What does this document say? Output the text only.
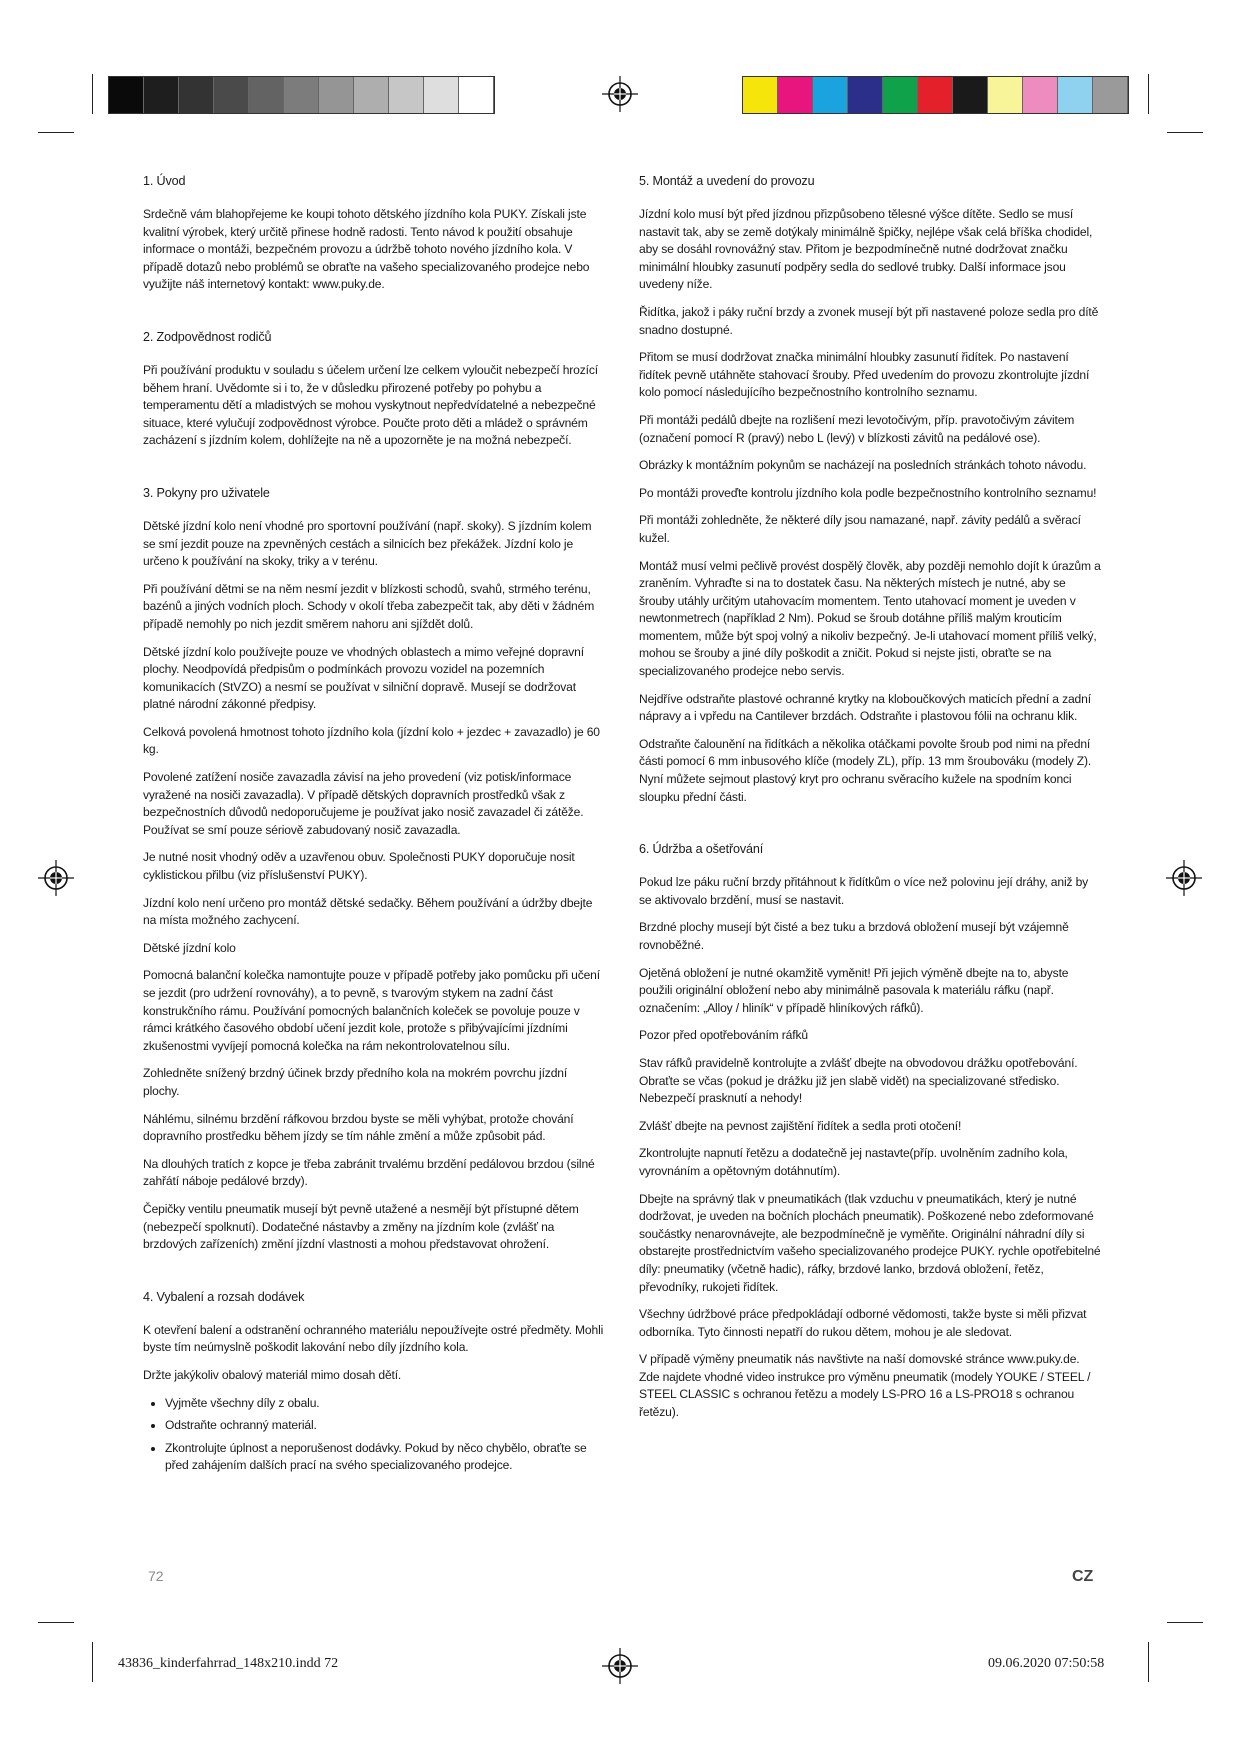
1. Úvod

Srdečně vám blahopřejeme ke koupi tohoto dětského jízdního kola PUKY. Získali jste kvalitní výrobek, který určitě přinese hodně radosti. Tento návod k použití obsahuje informace o montáži, bezpečném provozu a údržbě tohoto nového jízdního kola. V případě dotazů nebo problémů se obraťte na vašeho specializovaného prodejce nebo využijte náš internetový kontakt: www.puky.de.

2. Zodpovědnost rodičů

Při používání produktu v souladu s účelem určení lze celkem vyloučit nebezpečí hrozící během hraní. Uvědomte si i to, že v důsledku přirozené potřeby po pohybu a temperamentu dětí a mladistvých se mohou vyskytnout nepředvídatelné a nebezpečné situace, které vylučují zodpovědnost výrobce. Poučte proto děti a mládež o správném zacházení s jízdním kolem, dohlížejte na ně a upozorněte je na možná nebezpečí.

3. Pokyny pro uživatele

Dětské jízdní kolo není vhodné pro sportovní používání (např. skoky). S jízdním kolem se smí jezdit pouze na zpevněných cestách a silnicích bez překážek. Jízdní kolo je určeno k používání na skoky, triky a v terénu.

Při používání dětmi se na něm nesmí jezdit v blízkosti schodů, svahů, strmého terénu, bazénů a jiných vodních ploch. Schody v okolí třeba zabezpečit tak, aby děti v žádném případě nemohly po nich jezdit směrem nahoru ani sjíždět dolů.

Dětské jízdní kolo používejte pouze ve vhodných oblastech a mimo veřejné dopravní plochy. Neodpovídá předpisům o podmínkách provozu vozidel na pozemních komunikacích (StVZO) a nesmí se používat v silniční dopravě. Musejí se dodržovat platné národní zákonné předpisy.

Celková povolená hmotnost tohoto jízdního kola (jízdní kolo + jezdec + zavazadlo) je 60 kg.

Povolené zatížení nosiče zavazadla závisí na jeho provedení (viz potisk/informace vyražené na nosiči zavazadla). V případě dětských dopravních prostředků však z bezpečnostních důvodů nedoporučujeme je používat jako nosič zavazadel či zátěže. Používat se smí pouze sériově zabudovaný nosič zavazadla.

Je nutné nosit vhodný oděv a uzavřenou obuv. Společnosti PUKY doporučuje nosit cyklistickou přilbu (viz příslušenství PUKY).

Jízdní kolo není určeno pro montáž dětské sedačky. Během používání a údržby dbejte na místa možného zachycení.

Dětské jízdní kolo

Pomocná balanční kolečka namontujte pouze v případě potřeby jako pomůcku při učení se jezdit (pro udržení rovnováhy), a to pevně, s tvarovým stykem na zadní část konstrukčního rámu. Používání pomocných balančních koleček se povoluje pouze v rámci krátkého časového období učení jezdit kole, protože s přibývajícími jízdními zkušenostmi vyvíjejí pomocná kolečka na rám nekontrolovatelnou sílu.

Zohledněte snížený brzdný účinek brzdy předního kola na mokrém povrchu jízdní plochy.

Náhlému, silnému brzdění ráfkovou brzdou byste se měli vyhýbat, protože chování dopravního prostředku během jízdy se tím náhle změní a může způsobit pád.

Na dlouhých tratích z kopce je třeba zabránit trvalému brzdění pedálovou brzdou (silné zahřátí náboje pedálové brzdy).

Čepičky ventilu pneumatik musejí být pevně utažené a nesmějí být přístupné dětem (nebezpečí spolknutí). Dodatečné nástavby a změny na jízdním kole (zvlášť na brzdových zařízeních) změní jízdní vlastnosti a mohou představovat ohrožení.

4. Vybalení a rozsah dodávek

K otevření balení a odstranění ochranného materiálu nepoužívejte ostré předměty. Mohli byste tím neúmyslně poškodit lakování nebo díly jízdního kola.

Držte jakýkoliv obalový materiál mimo dosah dětí.

• Vyjměte všechny díly z obalu.
• Odstraňte ochranný materiál.
• Zkontrolujte úplnost a neporušenost dodávky. Pokud by něco chybělo, obraťte se před zahájením dalších prací na svého specializovaného prodejce.
5. Montáž a uvedení do provozu

Jízdní kolo musí být před jízdnou přizpůsobeno tělesné výšce dítěte. Sedlo se musí nastavit tak, aby se země dotýkaly minimálně špičky, nejlépe však celá bříška chodidel, aby se dosáhl rovnovážný stav. Přitom je bezpodmínečně nutné dodržovat značku minimální hloubky zasunutí podpěry sedla do sedlové trubky. Další informace jsou uvedeny níže.

Řidítka, jakož i páky ruční brzdy a zvonek musejí být při nastavené poloze sedla pro dítě snadno dostupné.

Přitom se musí dodržovat značka minimální hloubky zasunutí řidítek. Po nastavení řidítek pevně utáhněte stahovací šrouby. Před uvedením do provozu zkontrolujte jízdní kolo pomocí následujícího bezpečnostního kontrolního seznamu.

Při montáži pedálů dbejte na rozlišení mezi levotočivým, příp. pravotočivým závitem (označení pomocí R (pravý) nebo L (levý) v blízkosti závitů na pedálové ose).

Obrázky k montážním pokynům se nacházejí na posledních stránkách tohoto návodu.

Po montáži proveďte kontrolu jízdního kola podle bezpečnostního kontrolního seznamu!

Při montáži zohledněte, že některé díly jsou namazané, např. závity pedálů a svěrací kužel.

Montáž musí velmi pečlivě provést dospělý člověk, aby později nemohlo dojít k úrazům a zraněním. Vyhraďte si na to dostatek času. Na některých místech je nutné, aby se šrouby utáhly určitým utahovacím momentem. Tento utahovací moment je uveden v newtonmetrech (například 2 Nm). Pokud se šroub dotáhne příliš malým krouticím momentem, může být spoj volný a nikoliv bezpečný. Je-li utahovací moment příliš velký, mohou se šrouby a jiné díly poškodit a zničit. Pokud si nejste jisti, obraťte se na specializovaného prodejce nebo servis.

Nejdříve odstraňte plastové ochranné krytky na kloboučkových maticích přední a zadní nápravy a i vpředu na Cantilever brzdách. Odstraňte i plastovou fólii na ochranu klik.

Odstraňte čalounění na řidítkách a několika otáčkami povolte šroub pod nimi na přední části pomocí 6 mm inbusového klíče (modely ZL), příp. 13 mm šroubováku (modely Z). Nyní můžete sejmout plastový kryt pro ochranu svěracího kužele na spodním konci sloupku přední části.

6. Údržba a ošetřování

Pokud lze páku ruční brzdy přitáhnout k řidítkům o více než polovinu její dráhy, aniž by se aktivovalo brzdění, musí se nastavit.

Brzdné plochy musejí být čisté a bez tuku a brzdová obložení musejí být vzájemně rovnoběžné.

Ojetěná obložení je nutné okamžitě vyměnit! Při jejich výměně dbejte na to, abyste použili originální obložení nebo aby minimálně pasovala k materiálu ráfku (např. označením: „Alloy / hliník“ v případě hliníkových ráfků).

Pozor před opotřebováním ráfků

Stav ráfků pravidelně kontrolujte a zvlášť dbejte na obvodovou drážku opotřebování. Obraťte se včas (pokud je drážku již jen slabě vidět) na specializované středisko. Nebezpečí prasknutí a nehody!

Zvlášť dbejte na pevnost zajištění řidítek a sedla proti otočení!

Zkontrolujte napnutí řetězu a dodatečně jej nastavte(příp. uvolněním zadního kola, vyrovnáním a opětovným dotáhnutím).

Dbejte na správný tlak v pneumatikách (tlak vzduchu v pneumatikách, který je nutné dodržovat, je uveden na bočních plochách pneumatik). Poškozené nebo zdeformované součástky nenarovnávejte, ale bezpodmínečně je vyměňte. Originální náhradní díly si obstarejte prostřednictvím vašeho specializovaného prodejce PUKY. rychle opotřebitelné díly: pneumatiky (včetně hadic), ráfky, brzdové lanko, brzdová obložení, řetěz, převodníky, rukojeti řidítek.

Všechny údržbové práce předpokládají odborné vědomosti, takže byste si měli přizvat odborníka. Tyto činnosti nepatří do rukou dětem, mohou je ale sledovat.

V případě výměny pneumatik nás navštivte na naší domovské stránce www.puky.de. Zde najdete vhodné video instrukce pro výměnu pneumatik (modely YOUKE / STEEL / STEEL CLASSIC s ochranou řetězu a modely LS-PRO 16 a LS-PRO18 s ochranou řetězu).

72	CZ
43836_kinderfahrrad_148x210.indd 72	09.06.2020 07:50:58
